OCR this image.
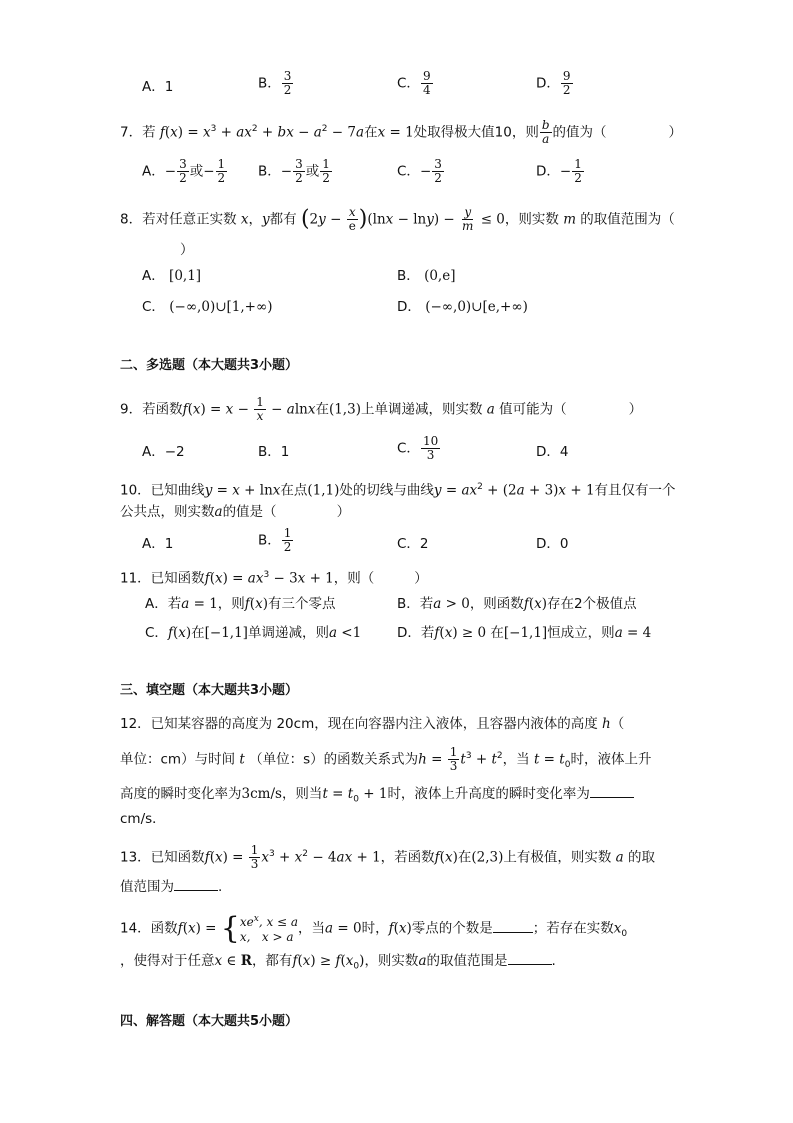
A．1	B． $\frac{3}{2}$	C． $\frac{9}{4}$	D． $\frac{9}{2}$
7．若 $f(x) = x^3 + ax^2$ + bx − $a^2 - 7a$在x = 1处取得极大值10，则 $\frac{b}{a}$ 的值为（	）
A．− $\frac{3}{2}$ 或− $\frac{1}{2}$ B．− $\frac{3}{2}$ 或 $\frac{1}{2}$	C．− $\frac{3}{2}$	D．− $\frac{1}{2}$
8．若对任意正实数 x，y都有 $(2y - \frac{x}{e} )(\ln x - \ln y) - \frac{y}{m} \le 0$，则实数 m 的取值范围为（
）
A． [0,1]	B． (0,e]
C． (−∞,0)∪[1,+∞)	D． (−∞,0)∪[e,+∞)
二、多选题（本大题共3小题）
9．若函数$f(x) = x - \frac{1}{x} - alnx$在(1,3)上单调递减，则实数 a 值可能为（	）
A．−2	B．1	C． $\frac{10}{3}$	D．4
10．已知曲线y = x + lnx在点(1,1)处的切线与曲线$y = ax^2 + (2a + 3)x + 1$有且仅有一个
公共点，则实数a的值是（	）
A．1	B． $\frac{1}{2}$	C．2	D．0
11．已知函数$f(x) = ax^3 - 3x + 1$，则（	）
A．若a = 1，则f(x)有三个零点	B．若a > 0，则函数f(x)存在2个极值点
C．f(x)在[−1,1]单调递减，则a <1	D．若f(x) ≥ 0 在[−1,1]恒成立，则a = 4
三、填空题（本大题共3小题）
12．已知某容器的高度为 20cm，现在向容器内注入液体，且容器内液体的高度 h（
单位：cm）与时间 t （单位：s）的函数关系式为$h = \frac{1}{3} t^3 + t^2$，当 $t = t_0$时，液体上升
高度的瞬时变化率为3cm/s，则当$t = t_0 + 1$时，液体上升高度的瞬时变化率为
cm/s．
13．已知函数$f(x) = \frac{1}{3} x^3 + x^2 - 4ax + 1$，若函数f(x)在(2,3)上有极值，则实数 a 的取
值范围为	.
14．函数f(x) = { $xe^x$, x ≤ a
x,   x > a
，当a = 0时，f(x)零点的个数是	；若存在实数$x_0$
，使得对于任意x ∈ R，都有$f(x) \ge f(x_0)$，则实数a的取值范围是	.
四、解答题（本大题共5小题）
